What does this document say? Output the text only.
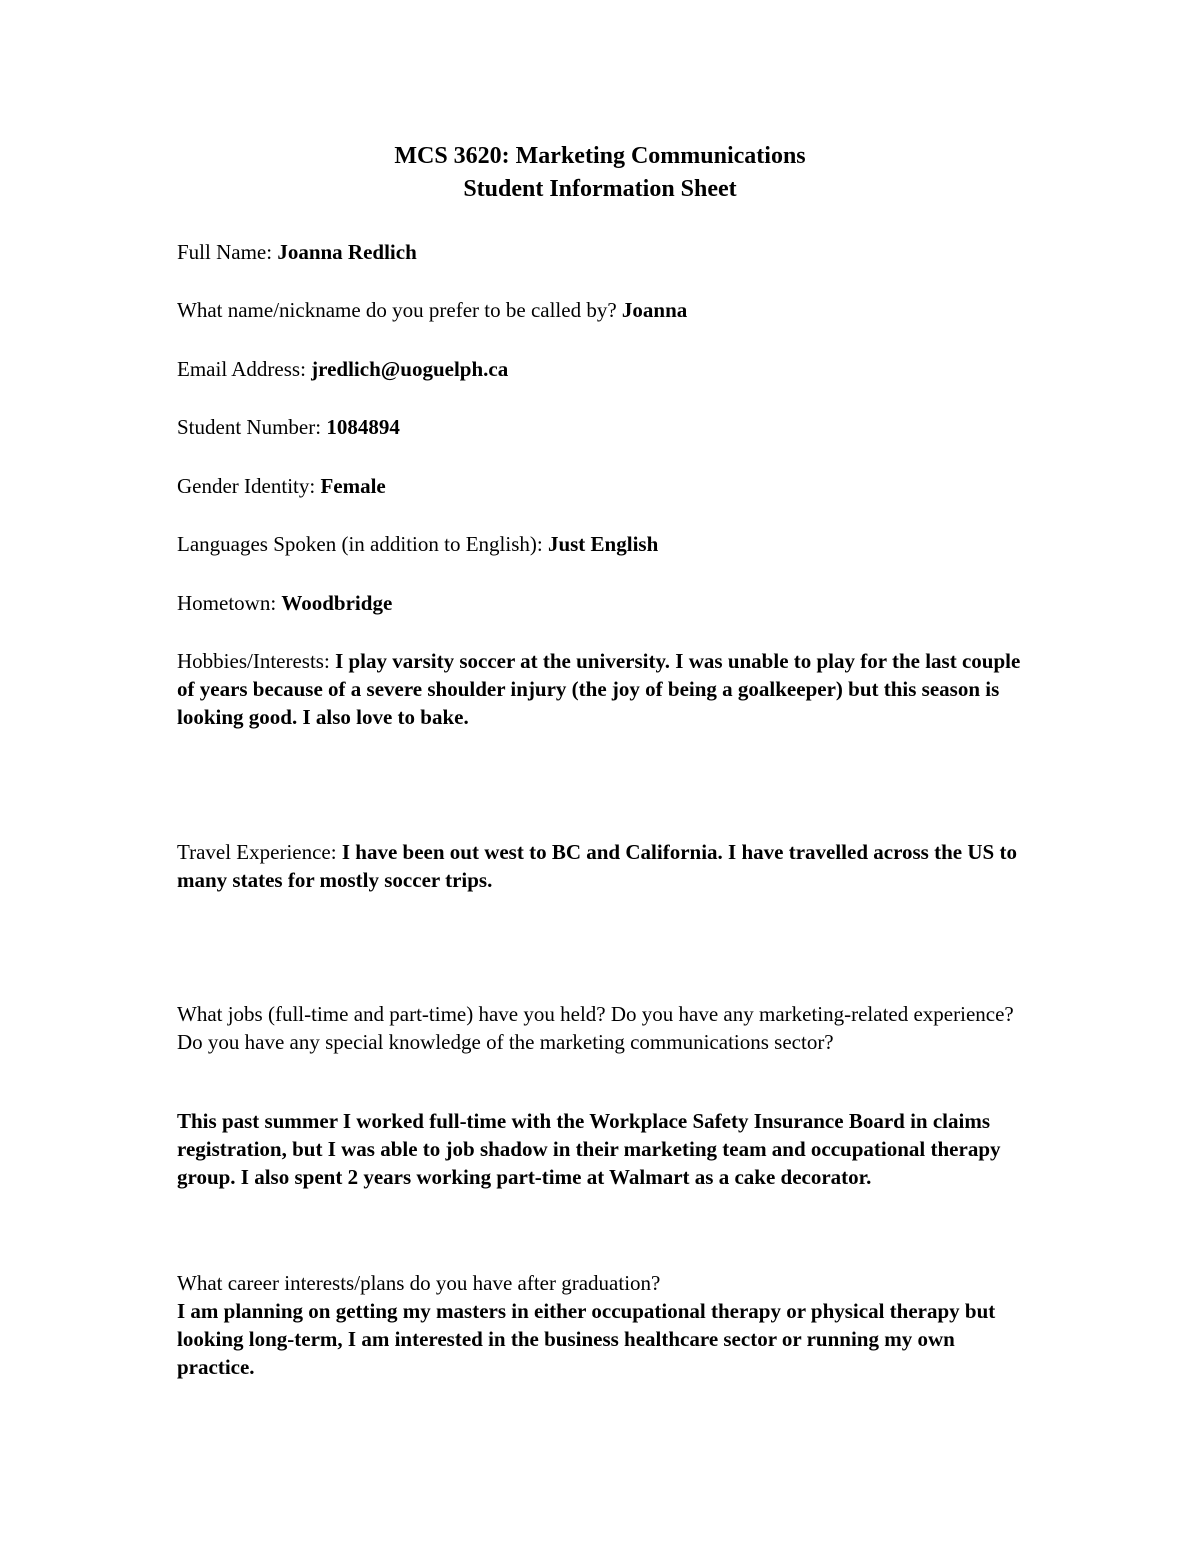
MCS 3620: Marketing Communications
Student Information Sheet
Full Name: Joanna Redlich
What name/nickname do you prefer to be called by? Joanna
Email Address: jredlich@uoguelph.ca
Student Number: 1084894
Gender Identity: Female
Languages Spoken (in addition to English): Just English
Hometown: Woodbridge
Hobbies/Interests: I play varsity soccer at the university. I was unable to play for the last couple of years because of a severe shoulder injury (the joy of being a goalkeeper) but this season is looking good. I also love to bake.
Travel Experience: I have been out west to BC and California. I have travelled across the US to many states for mostly soccer trips.
What jobs (full-time and part-time) have you held? Do you have any marketing-related experience? Do you have any special knowledge of the marketing communications sector?
This past summer I worked full-time with the Workplace Safety Insurance Board in claims registration, but I was able to job shadow in their marketing team and occupational therapy group. I also spent 2 years working part-time at Walmart as a cake decorator.
What career interests/plans do you have after graduation?
I am planning on getting my masters in either occupational therapy or physical therapy but looking long-term, I am interested in the business healthcare sector or running my own practice.
